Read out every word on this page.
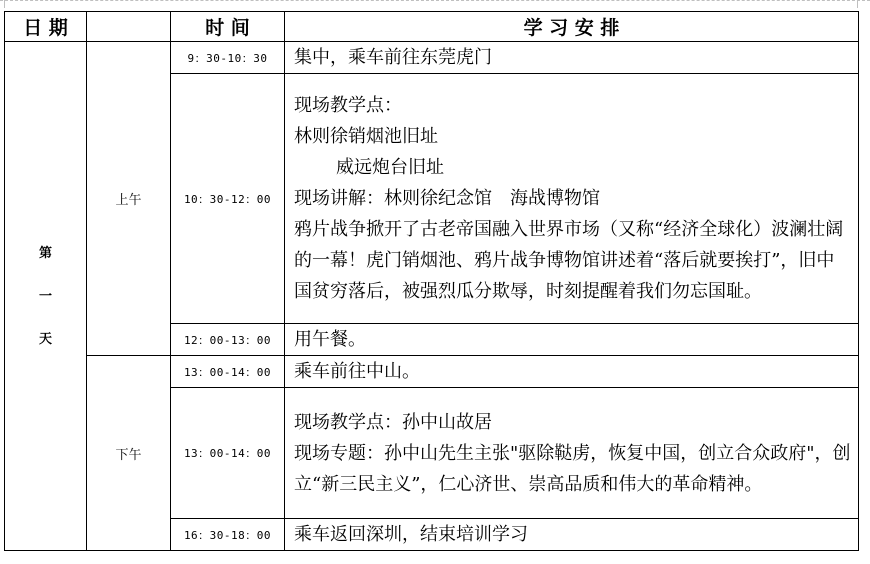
日 期		时 间	学 习 安 排

第
一
天	上午	9：30-10：30	集中，乘车前往东莞虎门

		10：30-12：00	现场教学点：
林则徐销烟池旧址
威远炮台旧址
现场讲解：林则徐纪念馆　海战博物馆
鸦片战争掀开了古老帝国融入世界市场（又称“经济全球化）波澜壮阔的一幕！虎门销烟池、鸦片战争博物馆讲述着“落后就要挨打”，旧中国贫穷落后，被强烈瓜分欺辱，时刻提醒着我们勿忘国耻。

		12：00-13：00	用午餐。

	下午	13：00-14：00	乘车前往中山。

		13：00-14：00	现场教学点：孙中山故居
现场专题：孙中山先生主张"驱除鞑虏，恢复中国，创立合众政府"，创立“新三民主义”，仁心济世、崇高品质和伟大的革命精神。

		16：30-18：00	乘车返回深圳，结束培训学习
